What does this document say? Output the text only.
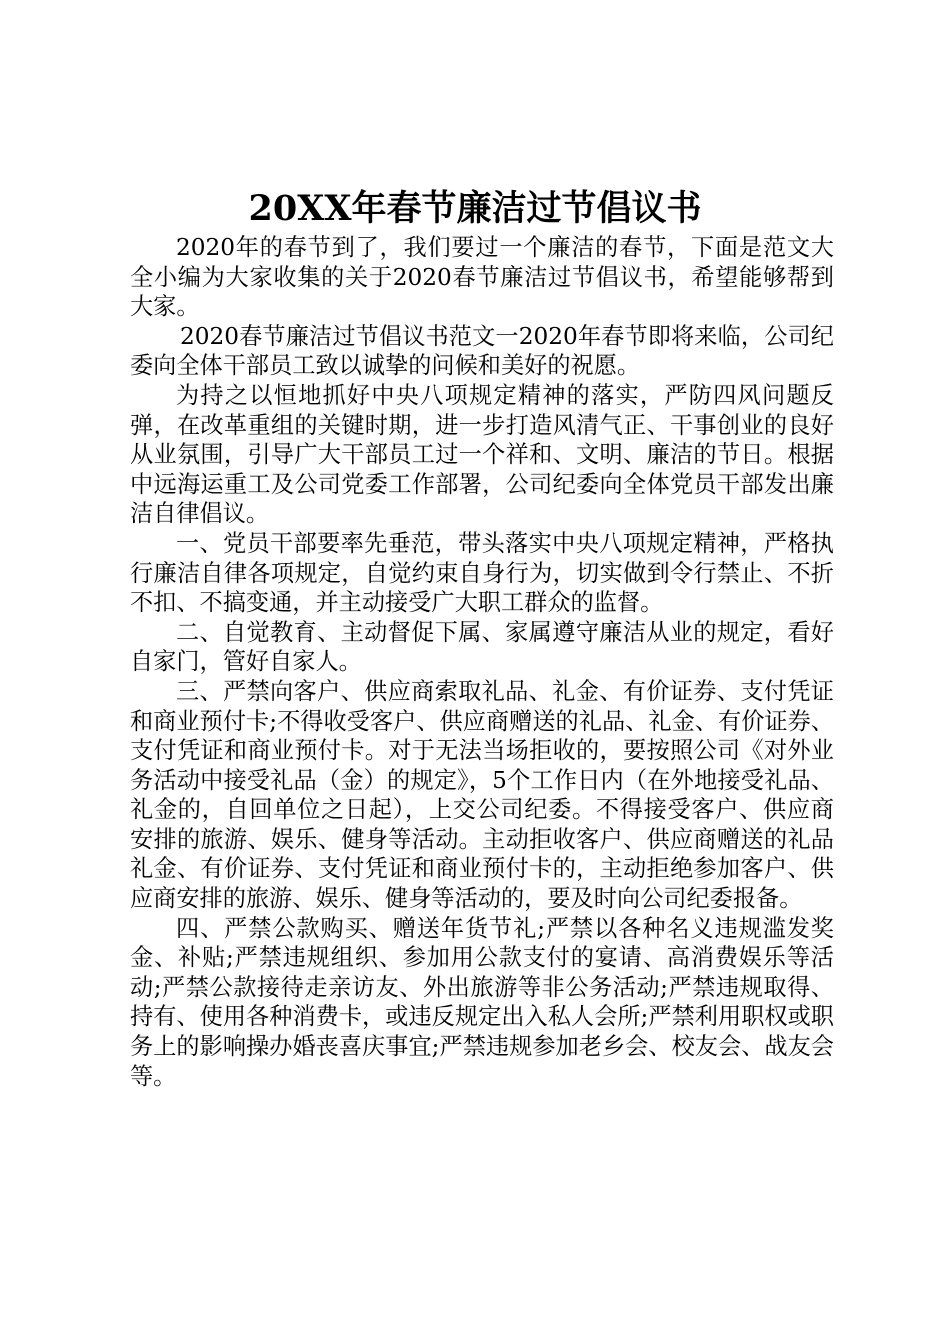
20XX年春节廉洁过节倡议书

2020年的春节到了，我们要过一个廉洁的春节，下面是范文大全小编为大家收集的关于2020春节廉洁过节倡议书，希望能够帮到大家。

2020春节廉洁过节倡议书范文一2020年春节即将来临，公司纪委向全体干部员工致以诚挚的问候和美好的祝愿。

为持之以恒地抓好中央八项规定精神的落实，严防四风问题反弹，在改革重组的关键时期，进一步打造风清气正、干事创业的良好从业氛围，引导广大干部员工过一个祥和、文明、廉洁的节日。根据中远海运重工及公司党委工作部署，公司纪委向全体党员干部发出廉洁自律倡议。

一、党员干部要率先垂范，带头落实中央八项规定精神，严格执行廉洁自律各项规定，自觉约束自身行为，切实做到令行禁止、不折不扣、不搞变通，并主动接受广大职工群众的监督。

二、自觉教育、主动督促下属、家属遵守廉洁从业的规定，看好自家门，管好自家人。

三、严禁向客户、供应商索取礼品、礼金、有价证券、支付凭证和商业预付卡;不得收受客户、供应商赠送的礼品、礼金、有价证券、支付凭证和商业预付卡。对于无法当场拒收的，要按照公司《对外业务活动中接受礼品（金）的规定》，5个工作日内（在外地接受礼品、礼金的，自回单位之日起），上交公司纪委。不得接受客户、供应商安排的旅游、娱乐、健身等活动。主动拒收客户、供应商赠送的礼品礼金、有价证券、支付凭证和商业预付卡的，主动拒绝参加客户、供应商安排的旅游、娱乐、健身等活动的，要及时向公司纪委报备。

四、严禁公款购买、赠送年货节礼;严禁以各种名义违规滥发奖金、补贴;严禁违规组织、参加用公款支付的宴请、高消费娱乐等活动;严禁公款接待走亲访友、外出旅游等非公务活动;严禁违规取得、持有、使用各种消费卡，或违反规定出入私人会所;严禁利用职权或职务上的影响操办婚丧喜庆事宜;严禁违规参加老乡会、校友会、战友会等。
